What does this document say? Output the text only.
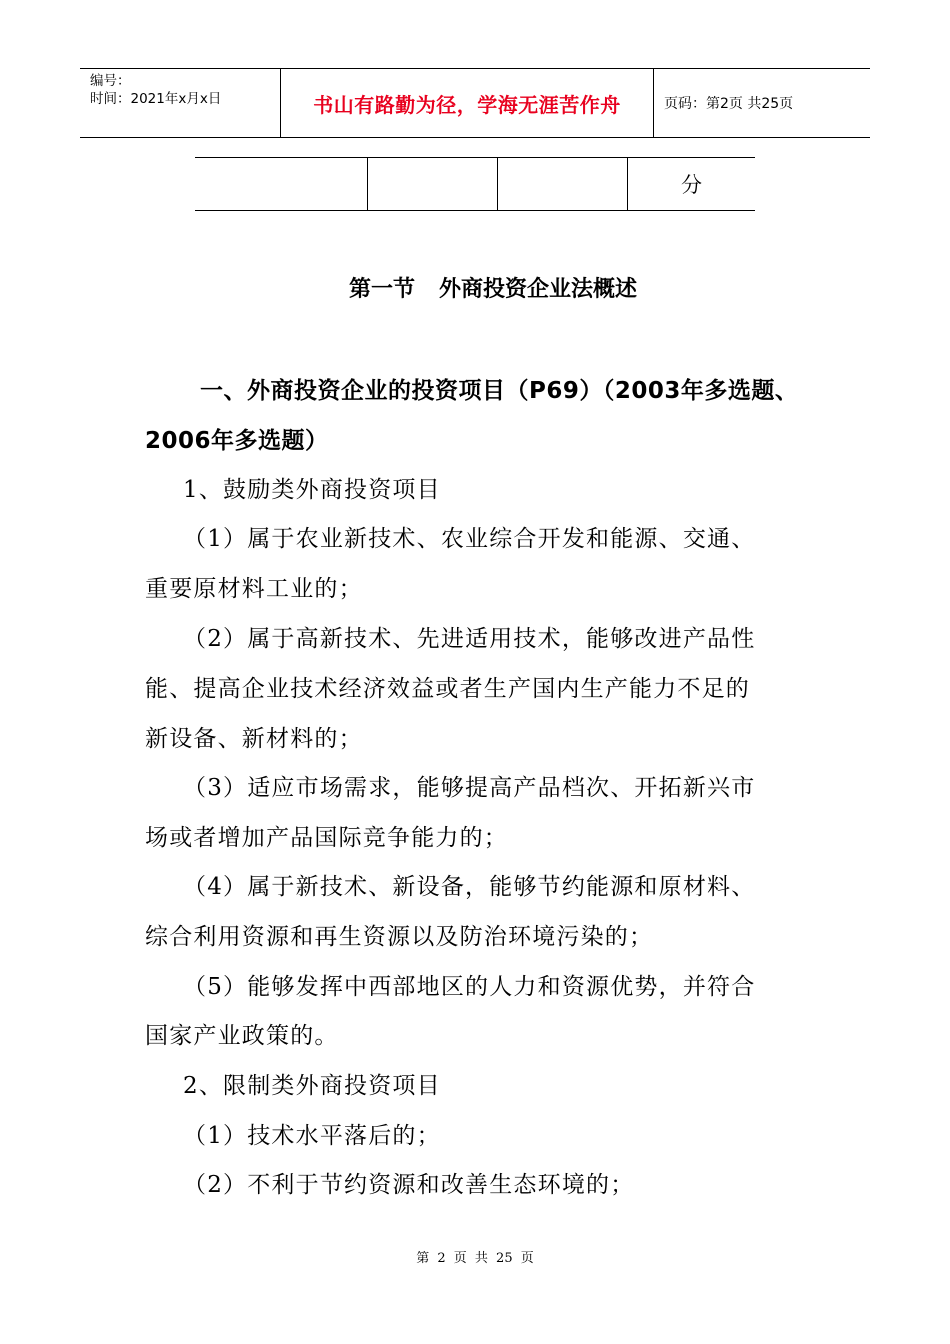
编号：
时间：2021年x月x日	书山有路勤为径，学海无涯苦作舟	页码：第2页 共25页
分
第一节 外商投资企业法概述
一、外商投资企业的投资项目（P69）（2003年多选题、
2006年多选题）
1、鼓励类外商投资项目
（1）属于农业新技术、农业综合开发和能源、交通、
重要原材料工业的；
（2）属于高新技术、先进适用技术，能够改进产品性
能、提高企业技术经济效益或者生产国内生产能力不足的
新设备、新材料的；
（3）适应市场需求，能够提高产品档次、开拓新兴市
场或者增加产品国际竞争能力的；
（4）属于新技术、新设备，能够节约能源和原材料、
综合利用资源和再生资源以及防治环境污染的；
（5）能够发挥中西部地区的人力和资源优势，并符合
国家产业政策的。
2、限制类外商投资项目
（1）技术水平落后的；
（2）不利于节约资源和改善生态环境的；
第 2 页 共 25 页
